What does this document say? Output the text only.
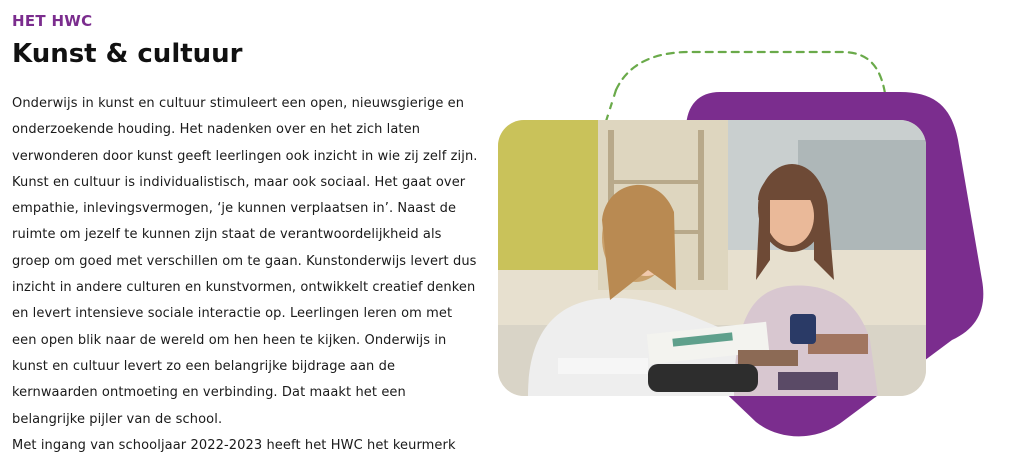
HET HWC
Kunst & cultuur

Onderwijs in kunst en cultuur stimuleert een open, nieuwsgierige en onderzoekende houding. Het nadenken over en het zich laten verwonderen door kunst geeft leerlingen ook inzicht in wie zij zelf zijn. Kunst en cultuur is individualistisch, maar ook sociaal. Het gaat over empathie, inlevingsvermogen, ‘je kunnen verplaatsen in’. Naast de ruimte om jezelf te kunnen zijn staat de verantwoordelijkheid als groep om goed met verschillen om te gaan. Kunstonderwijs levert dus inzicht in andere culturen en kunstvormen, ontwikkelt creatief denken en levert intensieve sociale interactie op. Leerlingen leren om met een open blik naar de wereld om hen heen te kijken. Onderwijs in kunst en cultuur levert zo een belangrijke bijdrage aan de kernwaarden ontmoeting en verbinding. Dat maakt het een belangrijke pijler van de school.

Met ingang van schooljaar 2022-2023 heeft het HWC het keurmerk
